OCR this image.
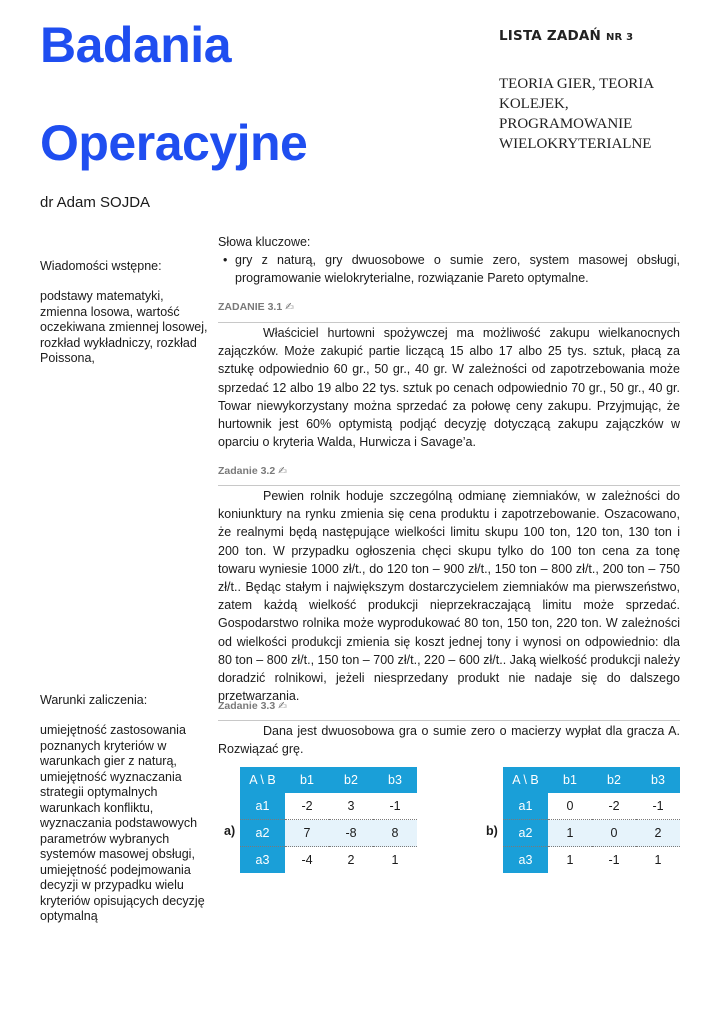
Badania
Operacyjne
dr Adam SOJDA
LISTA ZADAŃ NR 3
TEORIA GIER, TEORIA
KOLEJEK,
PROGRAMOWANIE
WIELOKRYTERIALNE
Wiadomości wstępne:
podstawy matematyki, zmienna losowa, wartość oczekiwana zmiennej losowej, rozkład wykładniczy, rozkład Poissona,
Warunki zaliczenia:
umiejętność zastosowania poznanych kryteriów w warunkach gier z naturą, umiejętność wyznaczania strategii optymalnych warunkach konfliktu, wyznaczania podstawowych parametrów wybranych systemów masowej obsługi, umiejętność podejmowania decyzji w przypadku wielu kryteriów opisujących decyzję optymalną
Słowa kluczowe:
• gry z naturą, gry dwuosobowe o sumie zero, system masowej obsługi, programowanie wielokryterialne, rozwiązanie Pareto optymalne.
ZADANIE 3.1 ✍
Właściciel hurtowni spożywczej ma możliwość zakupu wielkanocnych zajączków. Może zakupić partie liczącą 15 albo 17 albo 25 tys. sztuk, płacą za sztukę odpowiednio 60 gr., 50 gr., 40 gr. W zależności od zapotrzebowania może sprzedać 12 albo 19 albo 22 tys. sztuk po cenach odpowiednio 70 gr., 50 gr., 40 gr. Towar niewykorzystany można sprzedać za połowę ceny zakupu. Przyjmując, że hurtownik jest 60% optymistą podjąć decyzję dotyczącą zakupu zajączków w oparciu o kryteria Walda, Hurwicza i Savage’a.
Zadanie 3.2 ✍
Pewien rolnik hoduje szczególną odmianę ziemniaków, w zależności do koniunktury na rynku zmienia się cena produktu i zapotrzebowanie. Oszacowano, że realnymi będą następujące wielkości limitu skupu 100 ton, 120 ton, 130 ton i 200 ton. W przypadku ogłoszenia chęci skupu tylko do 100 ton cena za tonę towaru wyniesie 1000 zł/t., do 120 ton – 900 zł/t., 150 ton – 800 zł/t., 200 ton – 750 zł/t.. Będąc stałym i największym dostarczycielem ziemniaków ma pierwszeństwo, zatem każdą wielkość produkcji nieprzekraczającą limitu może sprzedać. Gospodarstwo rolnika może wyprodukować 80 ton, 150 ton, 220 ton. W zależności od wielkości produkcji zmienia się koszt jednej tony i wynosi on odpowiednio: dla 80 ton – 800 zł/t., 150 ton – 700 zł/t., 220 – 600 zł/t.. Jaką wielkość produkcji należy doradzić rolnikowi, jeżeli niesprzedany produkt nie nadaje się do dalszego przetwarzania.
Zadanie 3.3 ✍
Dana jest dwuosobowa gra o sumie zero o macierzy wypłat dla gracza A. Rozwiązać grę.
a)
A \ B	b1	b2	b3
a1	-2	3	-1
a2	7	-8	8
a3	-4	2	1
b)
A \ B	b1	b2	b3
a1	0	-2	-1
a2	1	0	2
a3	1	-1	1
